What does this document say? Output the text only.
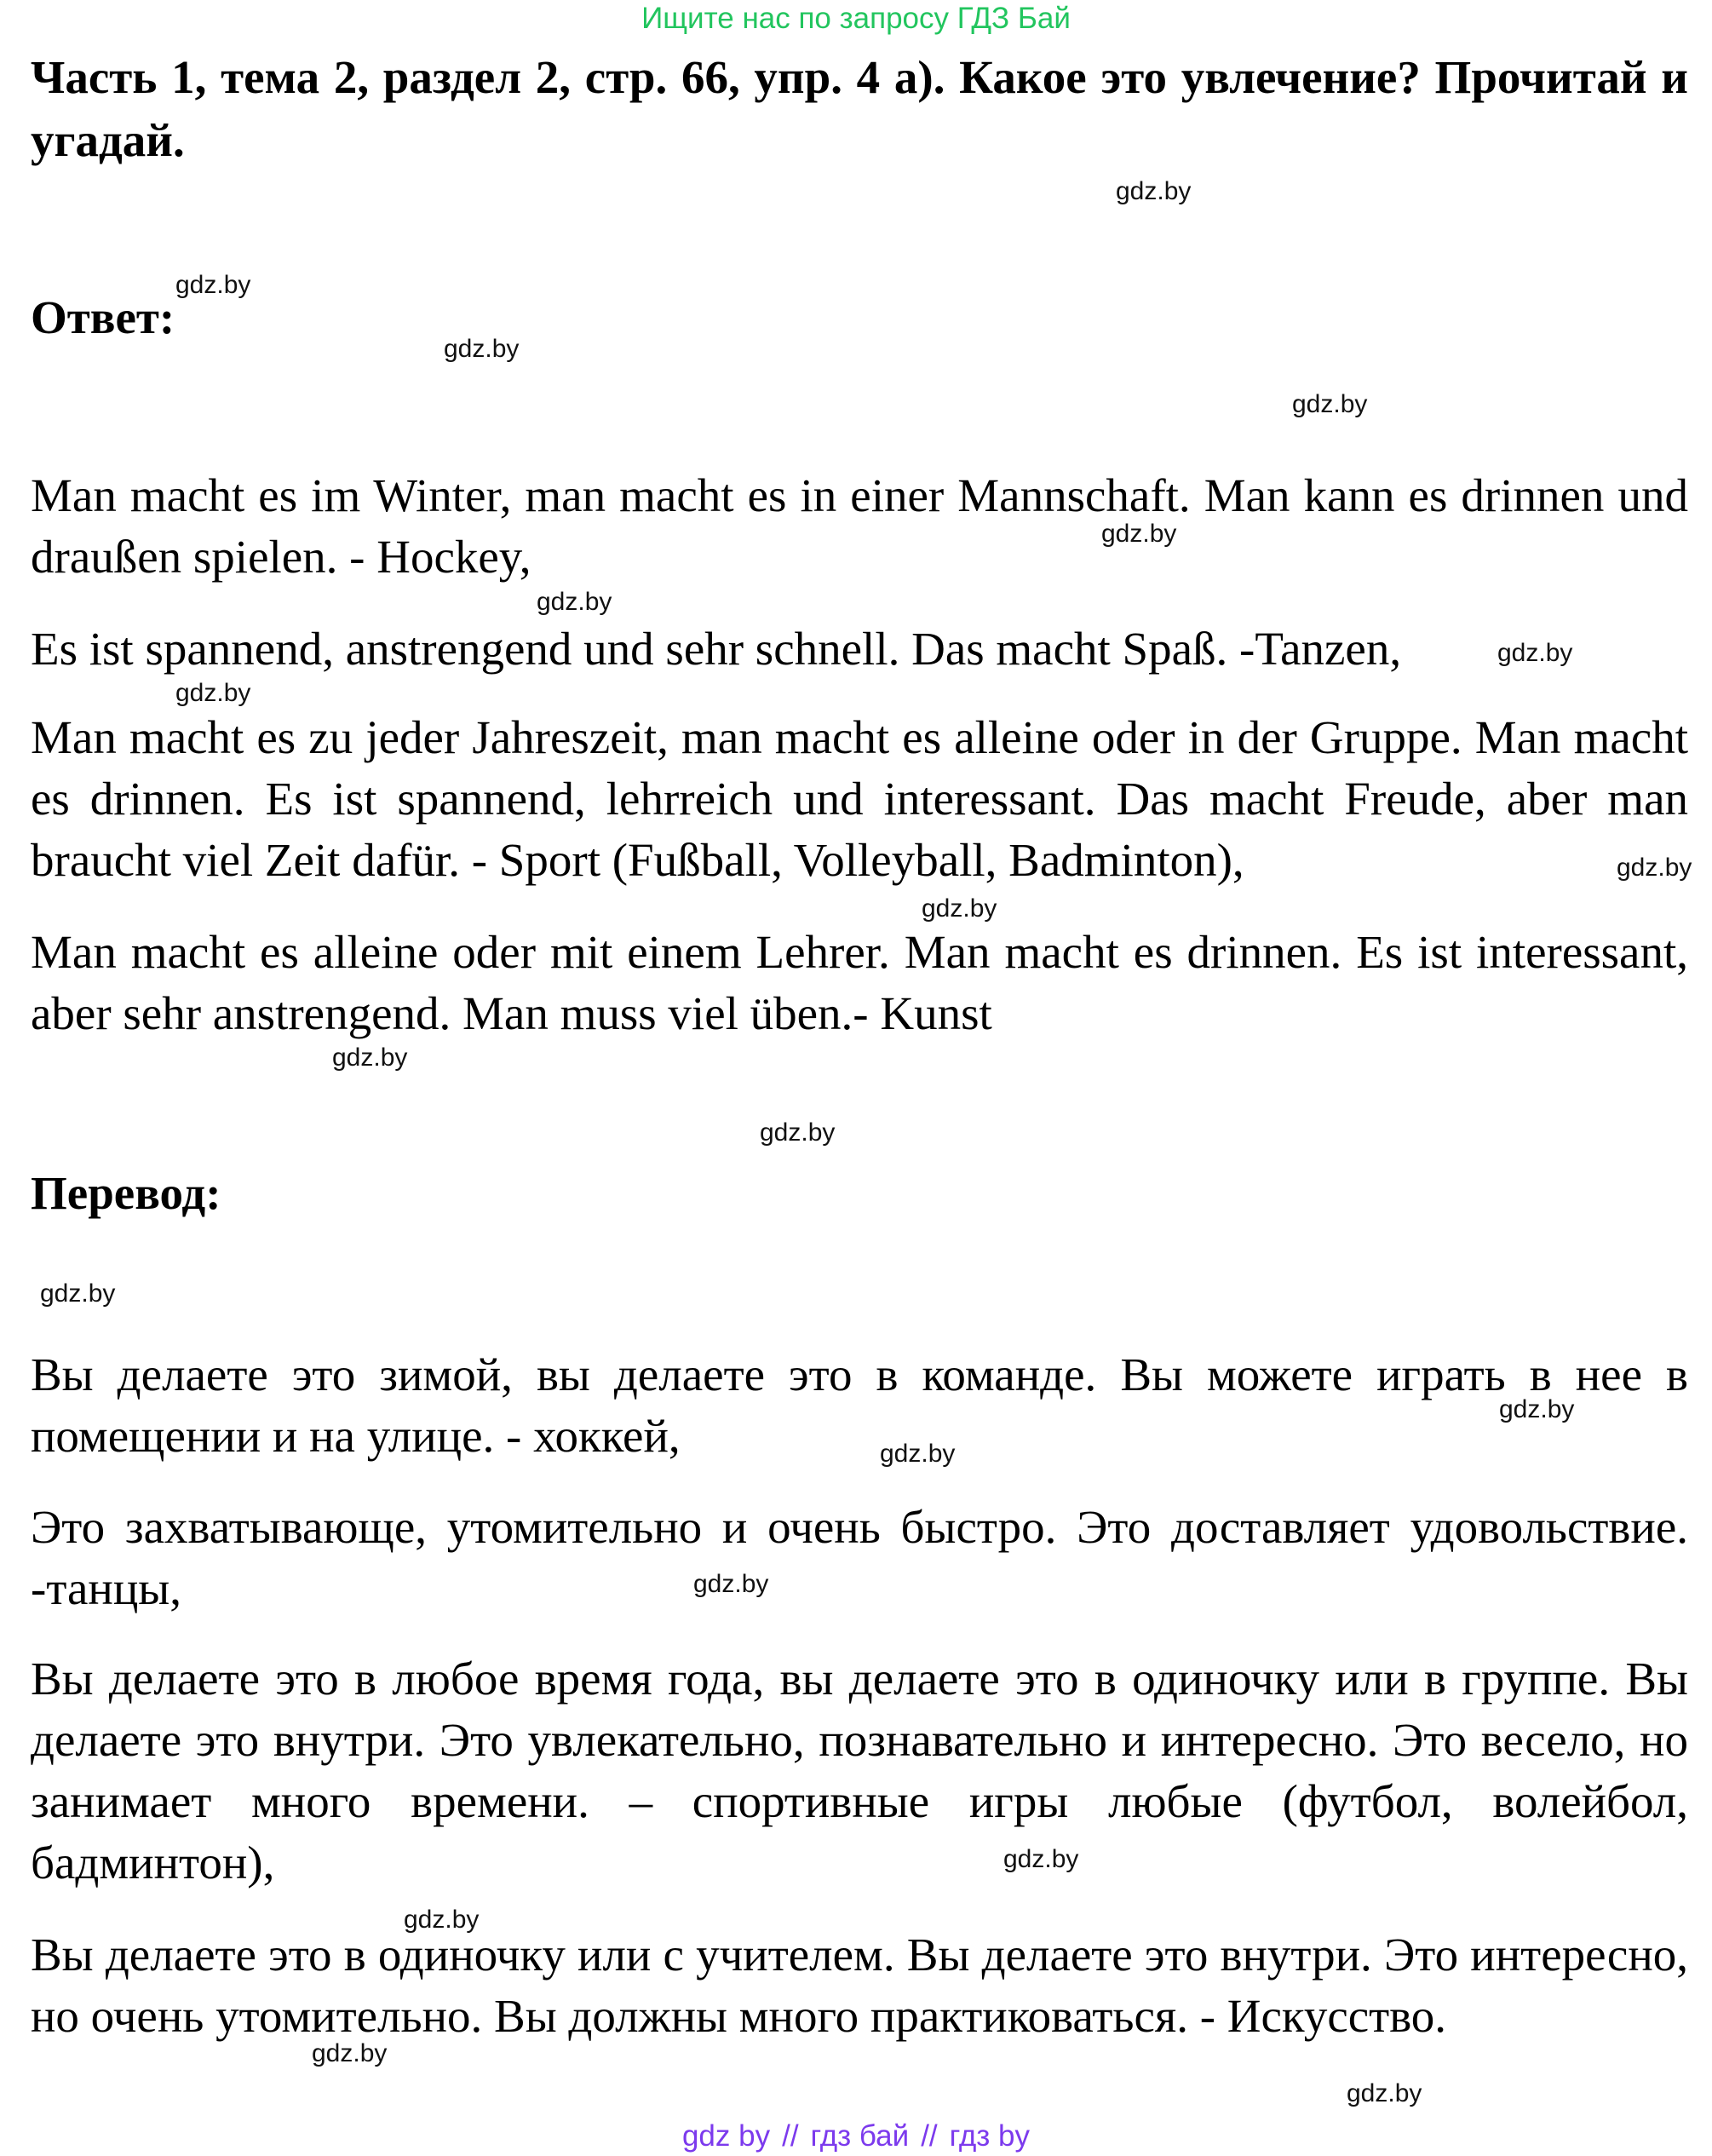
Ищите нас по запросу ГДЗ Бай
Часть 1, тема 2, раздел 2, стр. 66, упр. 4 а). Какое это увлечение? Прочитай и угадай.
Ответ:

Man macht es im Winter, man macht es in einer Mannschaft. Man kann es drinnen und draußen spielen. - Hockey,

Es ist spannend, anstrengend und sehr schnell. Das macht Spaß. -Tanzen,

Man macht es zu jeder Jahreszeit, man macht es alleine oder in der Gruppe. Man macht es drinnen. Es ist spannend, lehrreich und interessant. Das macht Freude, aber man braucht viel Zeit dafür. - Sport (Fußball, Volleyball, Badminton),

Man macht es alleine oder mit einem Lehrer. Man macht es drinnen. Es ist interessant, aber sehr anstrengend. Man muss viel üben.- Kunst

Перевод:

Вы делаете это зимой, вы делаете это в команде. Вы можете играть в нее в помещении и на улице. - хоккей,

Это захватывающе, утомительно и очень быстро. Это доставляет удовольствие. -танцы,

Вы делаете это в любое время года, вы делаете это в одиночку или в группе. Вы делаете это внутри. Это увлекательно, познавательно и интересно. Это весело, но занимает много времени. – спортивные игры любые (футбол, волейбол, бадминтон),

Вы делаете это в одиночку или с учителем. Вы делаете это внутри. Это интересно, но очень утомительно. Вы должны много практиковаться. - Искусство.

gdz.by
gdz.by
gdz.by
gdz.by
gdz.by
gdz.by
gdz.by
gdz.by
gdz.by
gdz.by
gdz.by
gdz.by
gdz.by
gdz.by
gdz.by
gdz.by
gdz.by
gdz.by
gdz.by
gdz.by
gdz by // гдз бай // гдз by
